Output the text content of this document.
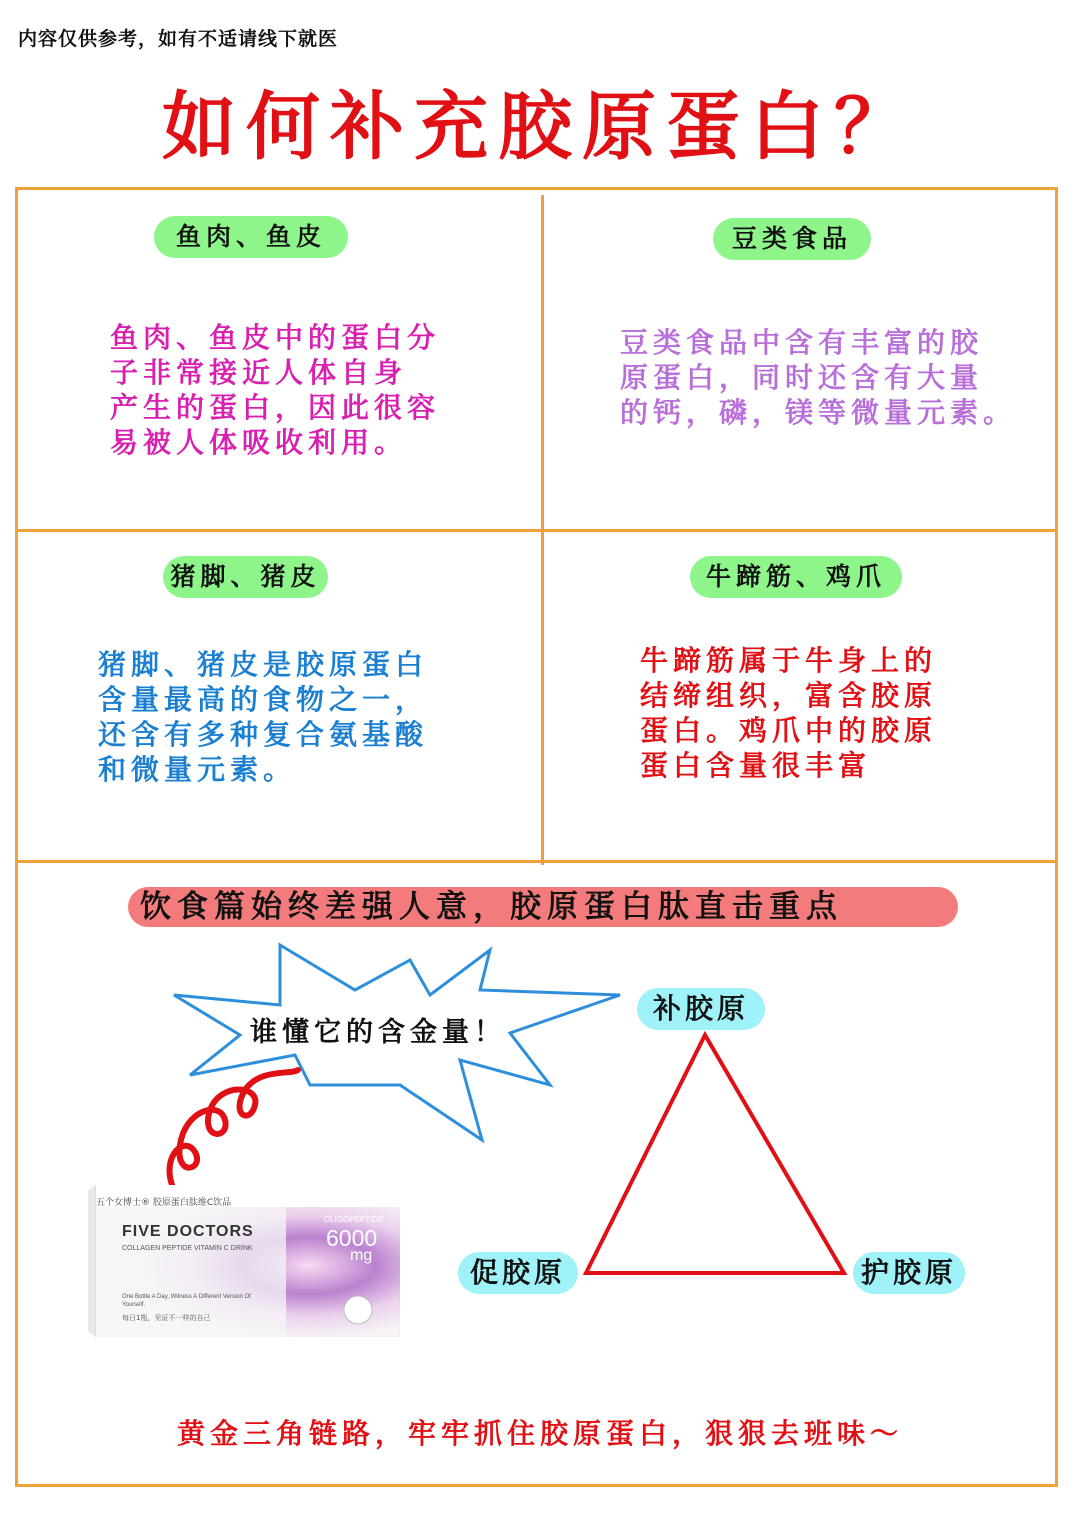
内容仅供参考，如有不适请线下就医
如何补充胶原蛋白？
鱼肉、鱼皮
鱼肉、鱼皮中的蛋白分
子非常接近人体自身
产生的蛋白，因此很容
易被人体吸收利用。
豆类食品
豆类食品中含有丰富的胶
原蛋白，同时还含有大量
的钙，磷，镁等微量元素。
猪脚、猪皮
猪脚、猪皮是胶原蛋白
含量最高的食物之一，
还含有多种复合氨基酸
和微量元素。
牛蹄筋、鸡爪
牛蹄筋属于牛身上的
结缔组织，富含胶原
蛋白。鸡爪中的胶原
蛋白含量很丰富
饮食篇始终差强人意，胶原蛋白肽直击重点
谁懂它的含金量！
五个女博士® 胶原蛋白肽维C饮品
FIVE DOCTORS
COLLAGEN PEPTIDE VITAMIN C DRINK
OLIGOPEPTIDE
6000
mg
One Bottle A Day, Witness A Different Version Of Yourself.
每日1瓶，见证不一样的自己
补胶原
促胶原	护胶原
黄金三角链路，牢牢抓住胶原蛋白，狠狠去班味～
